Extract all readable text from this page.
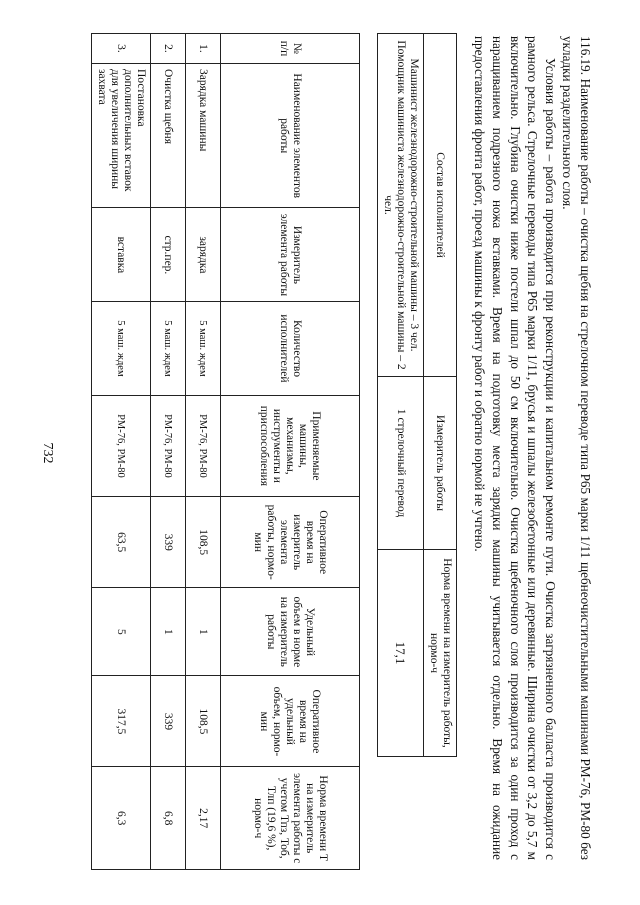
732	116.19. Наименование работы – очистка щебня на стрелочном переводе типа Р65 марки 1/11 щебнеочистительными машинами РМ-76, РМ-80 без укладки разделительного слоя.

Условия работы – работа производится при реконструкции и капитальном ремонте пути. Очистка загрязненного балласта производится с рамного рельса. Стрелочные переводы типа Р65 марки 1/11, брусья и шпалы железобетонные или деревянные. Ширина очистки от 3,2 до 5,7 м включительно. Глубина очистки ниже постели шпал до 50 см включительно. Очистка щебеночного слоя производится за один проход с наращиванием подрезного ножа вставками. Время на подготовку места зарядки машины учитывается отдельно. Время на ожидание предоставления фронта работ, проезд машины к фронту работ и обратно нормой не учтено.

Состав исполнителей	Измеритель работы	Норма времени на измеритель работы, нормо-ч
Машинист железнодорожно-строительной машины – 3 чел. Помощник машиниста железнодорожно-строительной машины – 2 чел.	1 стрелочный перевод	17,1
№ п/п	Наименование элементов работы	Измеритель элемента работы	Количество исполнителей	Применяемые машины, механизмы, инструменты и приспособления	Оперативное время на измеритель элемента работы, нормо-мин	Удельный объем в норме на измеритель работы	Оперативное время на удельный объем, нормо-мин	Норма времени Т на измеритель элемента работы с учетом Тпз, Тоб, Тлп (19,6 %), нормо-ч
1.	Зарядка машины	зарядка	5 маш. ждем	РМ-76, РМ-80	108,5	1	108,5	2,17
2.	Очистка щебня	стр.пер.	5 маш. ждем	РМ-76, РМ-80	339	1	339	6,8
3.	Постановка дополнительных вставок для увеличения ширины захвата	вставка	5 маш. ждем	РМ-76, РМ-80	63,5	5	317,5	6,3
